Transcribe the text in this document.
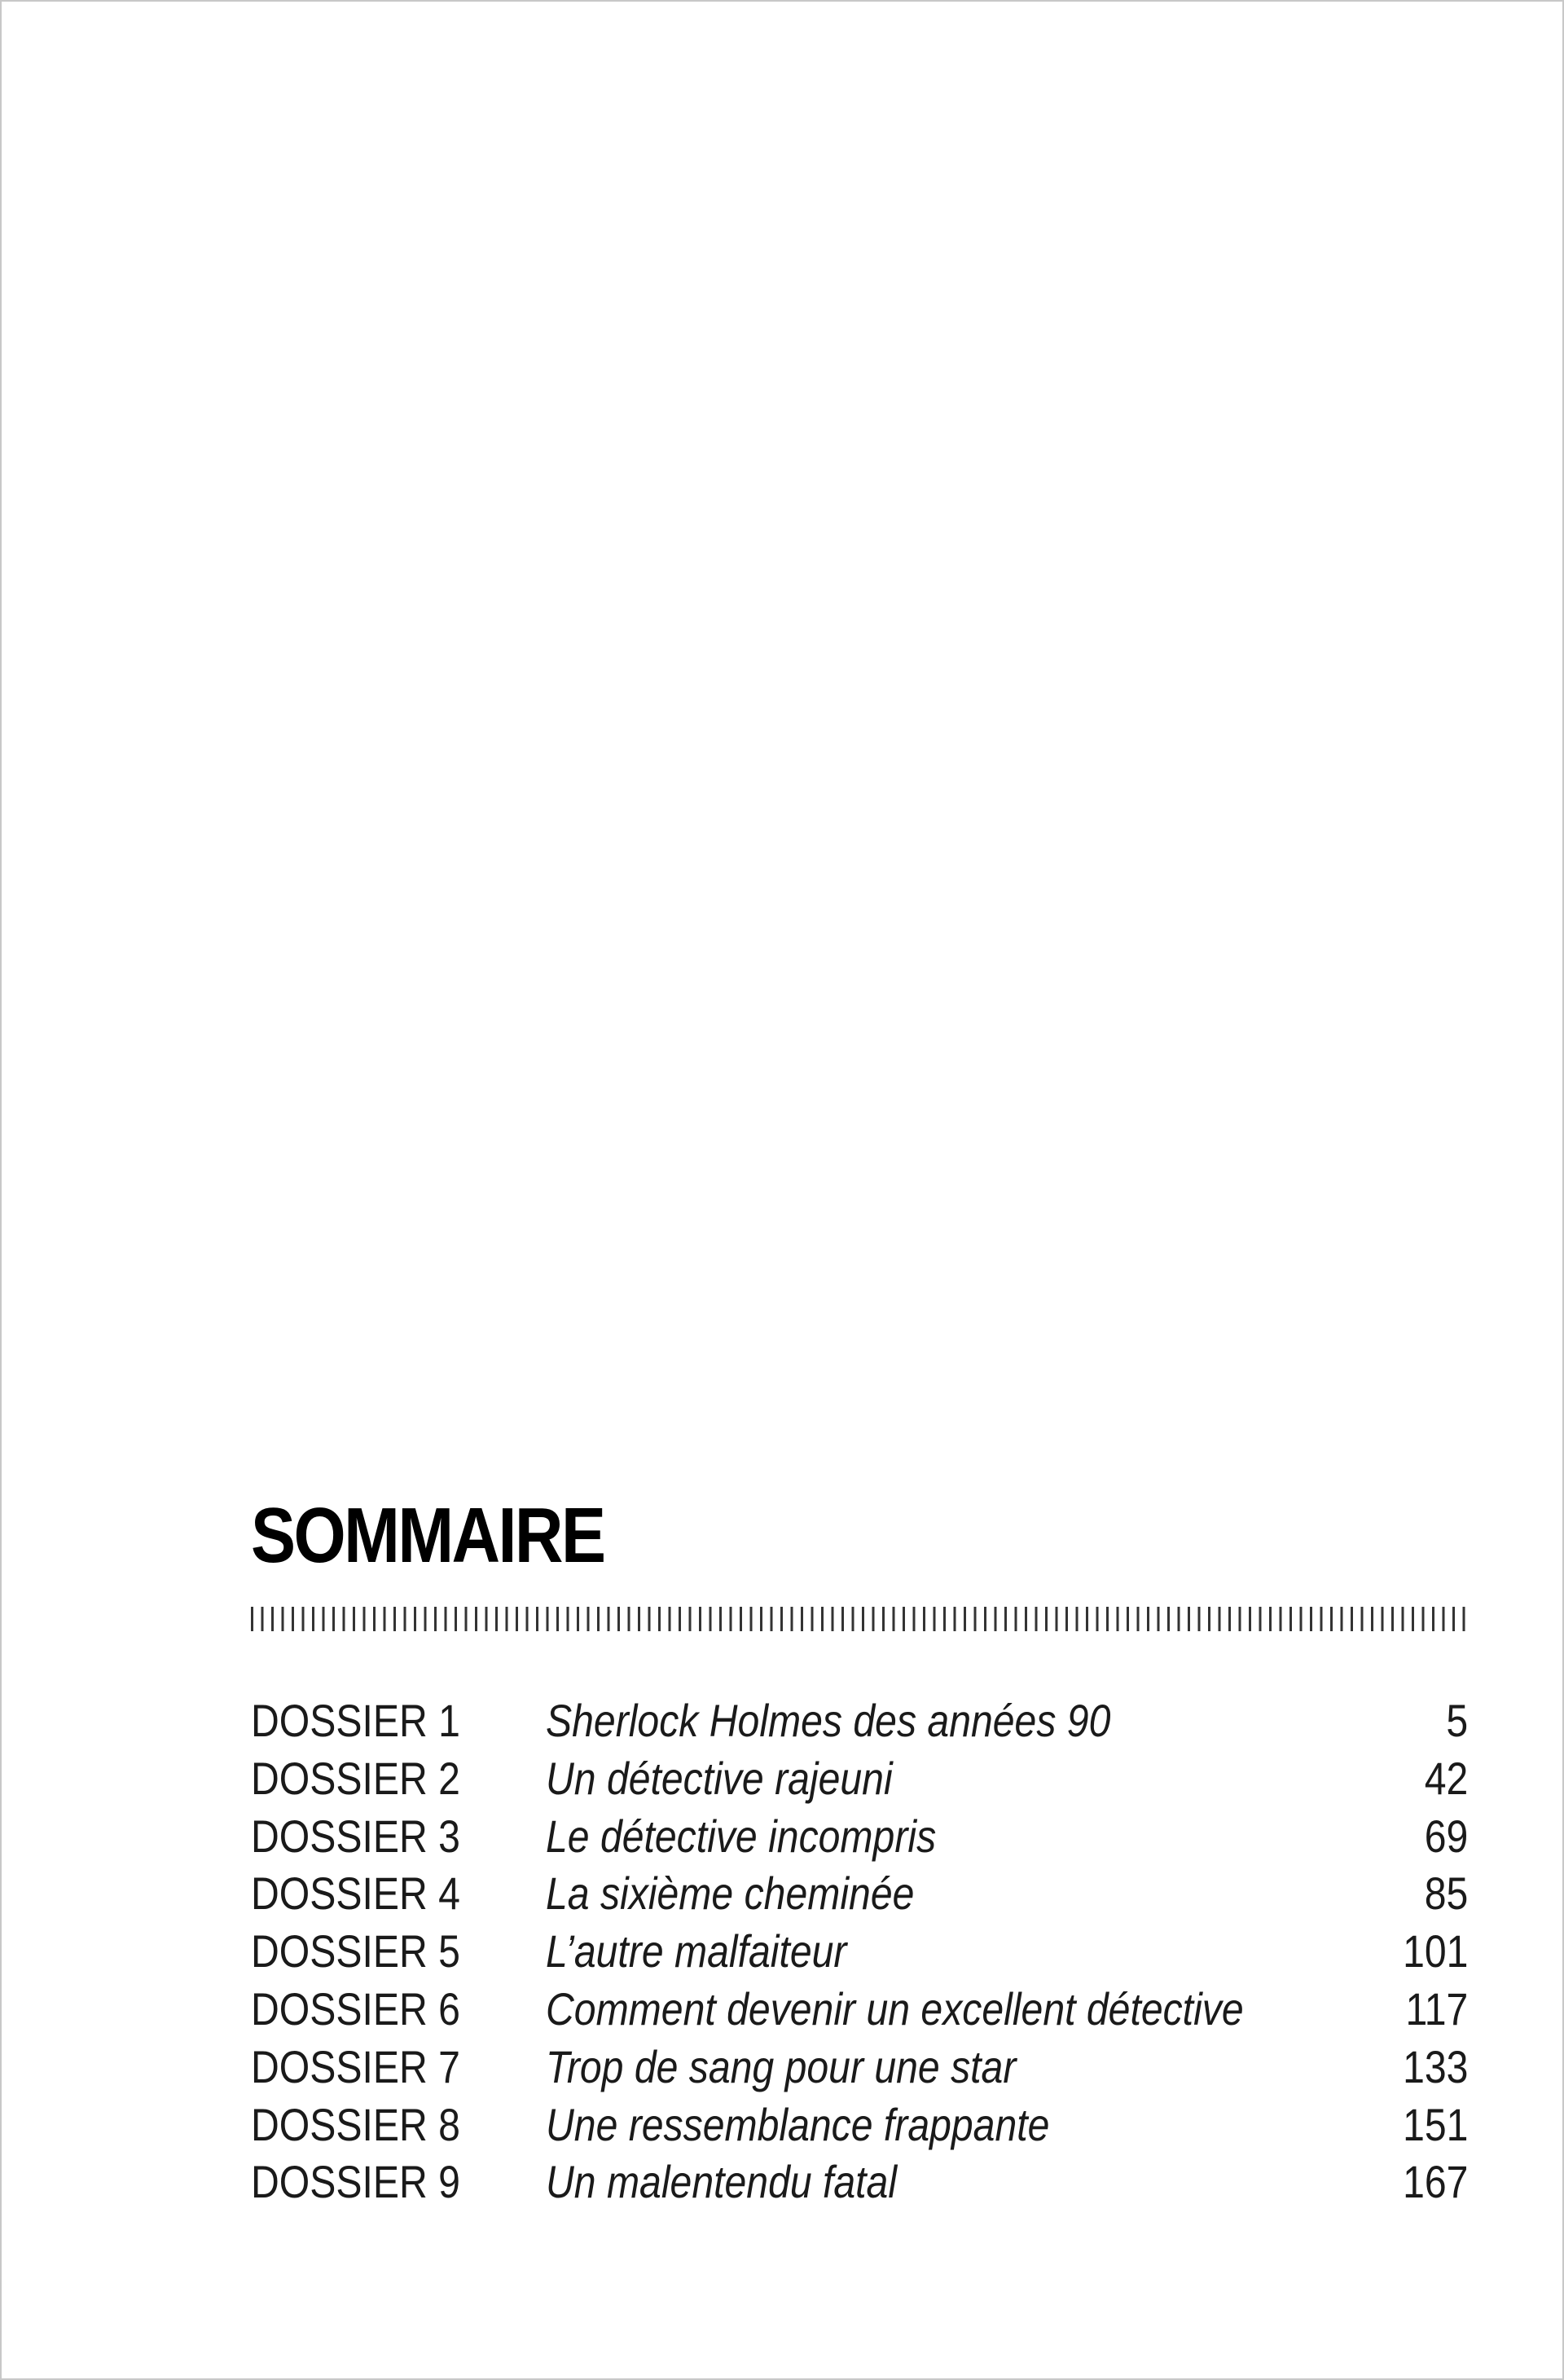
SOMMAIRE
DOSSIER 1 Sherlock Holmes des années 90	5
DOSSIER 2 Un détective rajeuni	42
DOSSIER 3 Le détective incompris	69
DOSSIER 4 La sixième cheminée	85
DOSSIER 5 L’autre malfaiteur	101
DOSSIER 6 Comment devenir un excellent détective	117
DOSSIER 7 Trop de sang pour une star	133
DOSSIER 8 Une ressemblance frappante	151
DOSSIER 9 Un malentendu fatal	167
